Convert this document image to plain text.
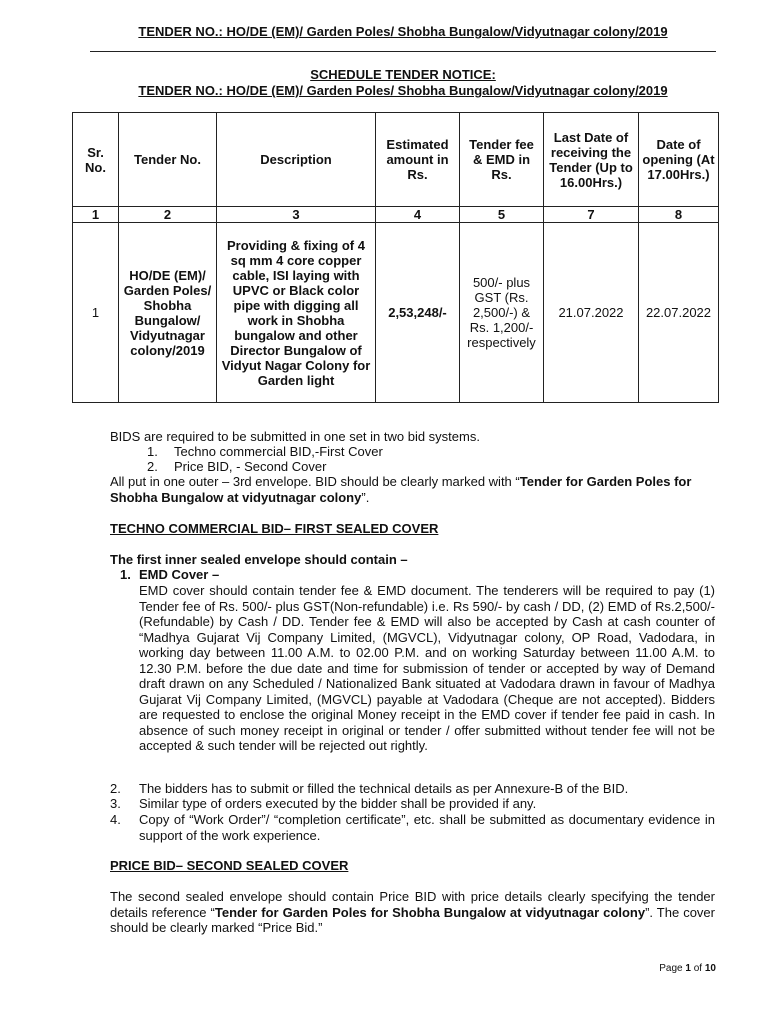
TENDER NO.: HO/DE (EM)/ Garden Poles/ Shobha Bungalow/Vidyutnagar colony/2019
SCHEDULE TENDER NOTICE:
TENDER NO.: HO/DE (EM)/ Garden Poles/ Shobha Bungalow/Vidyutnagar colony/2019
Sr. No.	Tender No.	Description	Estimated amount in Rs.	Tender fee & EMD in Rs.	Last Date of receiving the Tender (Up to 16.00Hrs.)	Date of opening (At 17.00Hrs.)
1	2	3	4	5	7	8
1	HO/DE (EM)/ Garden Poles/ Shobha Bungalow/ Vidyutnagar colony/2019	Providing & fixing of 4 sq mm 4 core copper cable, ISI laying with UPVC or Black color pipe with digging all work in Shobha bungalow and other Director Bungalow of Vidyut Nagar Colony for Garden light	2,53,248/-	500/- plus GST (Rs. 2,500/-) & Rs. 1,200/- respectively	21.07.2022	22.07.2022
BIDS are required to be submitted in one set in two bid systems.
1. Techno commercial BID,-First Cover
2. Price BID, - Second Cover
All put in one outer – 3rd envelope. BID should be clearly marked with “Tender for Garden Poles for Shobha Bungalow at vidyutnagar colony”.
TECHNO COMMERCIAL BID– FIRST SEALED COVER
The first inner sealed envelope should contain –
1. EMD Cover –
EMD cover should contain tender fee & EMD document. The tenderers will be required to pay (1) Tender fee of Rs. 500/- plus GST(Non-refundable) i.e. Rs 590/- by cash / DD, (2) EMD of Rs.2,500/- (Refundable) by Cash / DD. Tender fee & EMD will also be accepted by Cash at cash counter of “Madhya Gujarat Vij Company Limited, (MGVCL), Vidyutnagar colony, OP Road, Vadodara, in working day between 11.00 A.M. to 02.00 P.M. and on working Saturday between 11.00 A.M. to 12.30 P.M. before the due date and time for submission of tender or accepted by way of Demand draft drawn on any Scheduled / Nationalized Bank situated at Vadodara drawn in favour of Madhya Gujarat Vij Company Limited, (MGVCL) payable at Vadodara (Cheque are not accepted). Bidders are requested to enclose the original Money receipt in the EMD cover if tender fee paid in cash. In absence of such money receipt in original or tender / offer submitted without tender fee will not be accepted & such tender will be rejected out rightly.
2. The bidders has to submit or filled the technical details as per Annexure-B of the BID.
3. Similar type of orders executed by the bidder shall be provided if any.
4. Copy of “Work Order”/ “completion certificate”, etc. shall be submitted as documentary evidence in support of the work experience.
PRICE BID– SECOND SEALED COVER
The second sealed envelope should contain Price BID with price details clearly specifying the tender details reference “Tender for Garden Poles for Shobha Bungalow at vidyutnagar colony”. The cover should be clearly marked “Price Bid.”
Page 1 of 10
